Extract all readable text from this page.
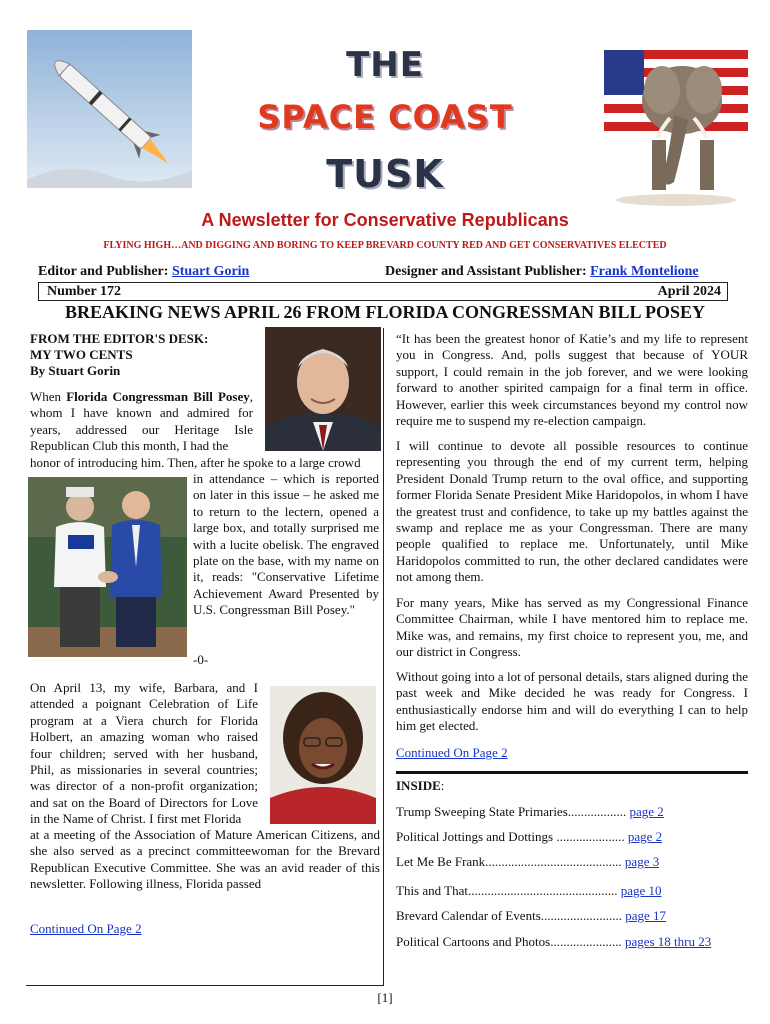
THE
SPACE COAST
TUSK
A Newsletter for Conservative Republicans
FLYING HIGH…AND DIGGING AND BORING TO KEEP BREVARD COUNTY RED AND GET CONSERVATIVES ELECTED
Editor and Publisher: Stuart Gorin	Designer and Assistant Publisher: Frank Montelione
Number 172	April 2024
BREAKING NEWS APRIL 26 FROM FLORIDA CONGRESSMAN BILL POSEY
FROM THE EDITOR'S DESK:
MY TWO CENTS
By Stuart Gorin
When Florida Congressman Bill Posey, whom I have known and admired for years, addressed our Heritage Isle Republican Club this month, I had the
honor of introducing him. Then, after he spoke to a large crowd
in attendance – which is reported on later in this issue – he asked me to return to the lectern, opened a large box, and totally surprised me with a lucite obelisk. The engraved plate on the base, with my name on it, reads: "Conservative Lifetime Achievement Award Presented by U.S. Congressman Bill Posey."
-0-
On April 13, my wife, Barbara, and I attended a poignant Celebration of Life program at a Viera church for Florida Holbert, an amazing woman who raised four children; served with her husband, Phil, as missionaries in several countries; was director of a non-profit organization; and sat on the Board of Directors for Love in the Name of Christ. I first met Florida
at a meeting of the Association of Mature American Citizens, and she also served as a precinct committeewoman for the Brevard Republican Executive Committee. She was an avid reader of this newsletter. Following illness, Florida passed
Continued On Page 2
“It has been the greatest honor of Katie’s and my life to represent you in Congress. And, polls suggest that because of YOUR support, I could remain in the job forever, and we were looking forward to another spirited campaign for a final term in office. However, earlier this week circumstances beyond my control now require me to suspend my re-election campaign.
I will continue to devote all possible resources to continue representing you through the end of my current term, helping President Donald Trump return to the oval office, and supporting former Florida Senate President Mike Haridopolos, in whom I have the greatest trust and confidence, to take up my battles against the swamp and replace me as your Congressman. There are many people qualified to replace me. Unfortunately, until Mike Haridopolos committed to run, the other declared candidates were not among them.
For many years, Mike has served as my Congressional Finance Committee Chairman, while I have mentored him to replace me. Mike was, and remains, my first choice to represent you, me, and our district in Congress.
Without going into a lot of personal details, stars aligned during the past week and Mike decided he was ready for Congress. I enthusiastically endorse him and will do everything I can to help him get elected.
Continued On Page 2
INSIDE:
Trump Sweeping State Primaries.................. page 2
Political Jottings and Dottings ..................... page 2
Let Me Be Frank.......................................... page 3
This and That.............................................. page 10
Brevard Calendar of Events......................... page 17
Political Cartoons and Photos...................... pages 18 thru 23
[1]
